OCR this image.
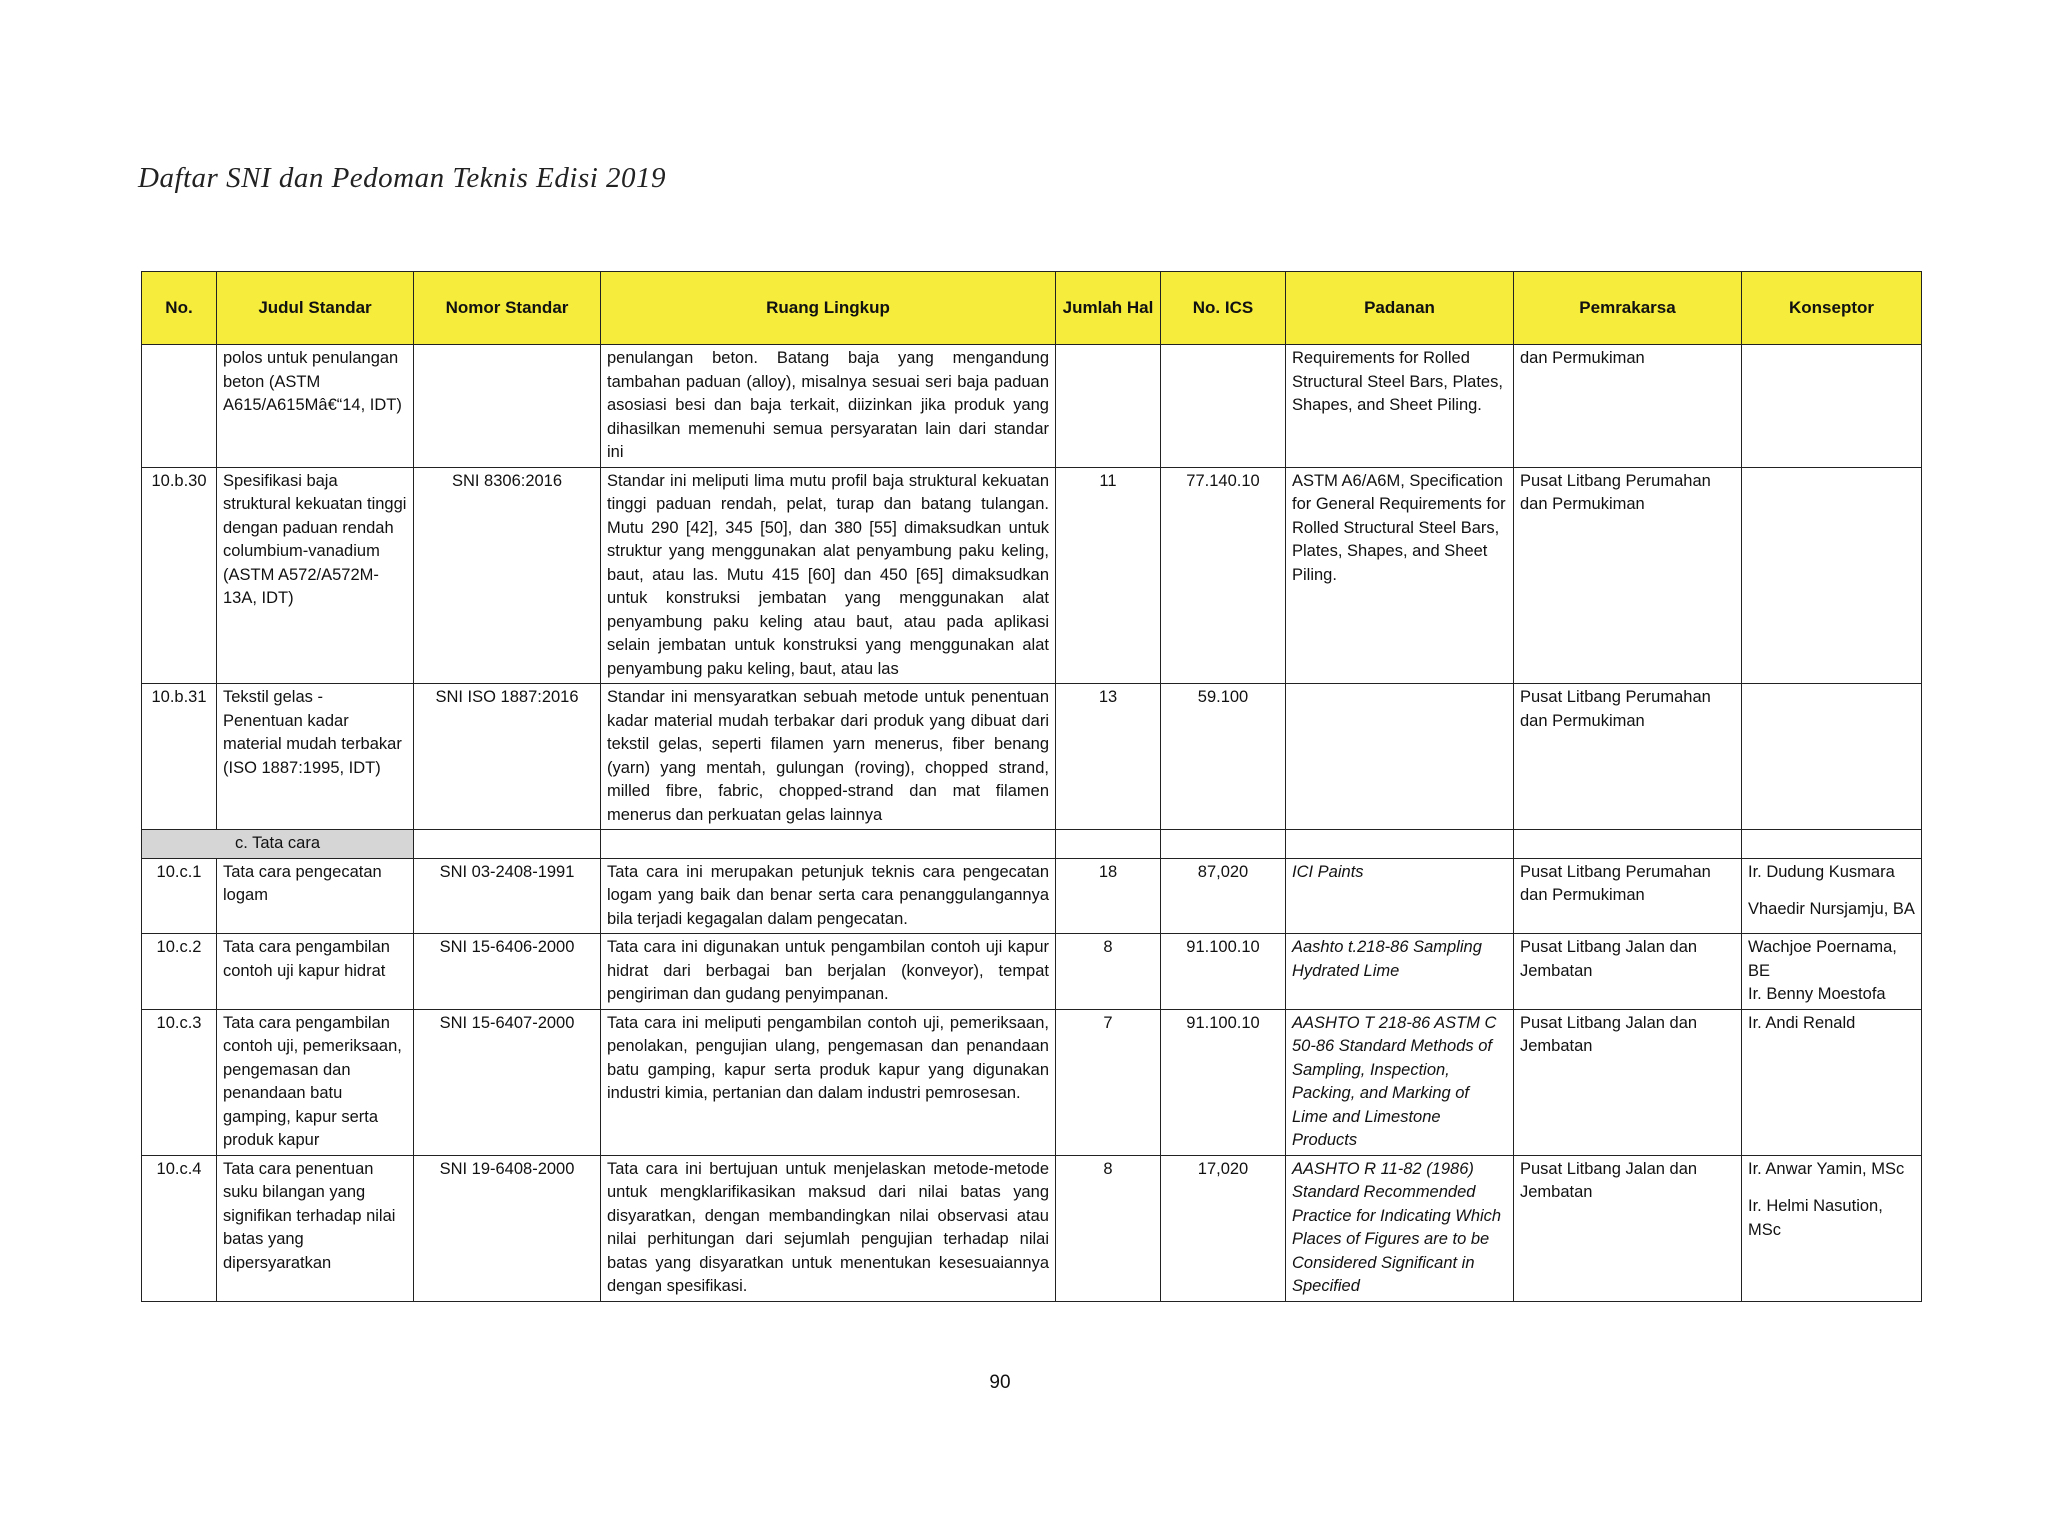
Daftar SNI dan Pedoman Teknis Edisi 2019
No.	Judul Standar	Nomor Standar	Ruang Lingkup	Jumlah Hal	No. ICS	Padanan	Pemrakarsa	Konseptor
	polos untuk penulangan beton (ASTM A615/A615Mâ€“14, IDT)		penulangan beton. Batang baja yang mengandung tambahan paduan (alloy), misalnya sesuai seri baja paduan asosiasi besi dan baja terkait, diizinkan jika produk yang dihasilkan memenuhi semua persyaratan lain dari standar ini			Requirements for Rolled Structural Steel Bars, Plates, Shapes, and Sheet Piling.	dan Permukiman	
10.b.30	Spesifikasi baja struktural kekuatan tinggi dengan paduan rendah columbium-vanadium (ASTM A572/A572M-13A, IDT)	SNI 8306:2016	Standar ini meliputi lima mutu profil baja struktural kekuatan tinggi paduan rendah, pelat, turap dan batang tulangan. Mutu 290 [42], 345 [50], dan 380 [55] dimaksudkan untuk struktur yang menggunakan alat penyambung paku keling, baut, atau las. Mutu 415 [60] dan 450 [65] dimaksudkan untuk konstruksi jembatan yang menggunakan alat penyambung paku keling atau baut, atau pada aplikasi selain jembatan untuk konstruksi yang menggunakan alat penyambung paku keling, baut, atau las	11	77.140.10	ASTM A6/A6M, Specification for General Requirements for Rolled Structural Steel Bars, Plates, Shapes, and Sheet Piling.	Pusat Litbang Perumahan dan Permukiman	
10.b.31	Tekstil gelas - Penentuan kadar material mudah terbakar (ISO 1887:1995, IDT)	SNI ISO 1887:2016	Standar ini mensyaratkan sebuah metode untuk penentuan kadar material mudah terbakar dari produk yang dibuat dari tekstil gelas, seperti filamen yarn menerus, fiber benang (yarn) yang mentah, gulungan (roving), chopped strand, milled fibre, fabric, chopped-strand dan mat filamen menerus dan perkuatan gelas lainnya	13	59.100		Pusat Litbang Perumahan dan Permukiman	
c. Tata cara								
10.c.1	Tata cara pengecatan logam	SNI 03-2408-1991	Tata cara ini merupakan petunjuk teknis cara pengecatan logam yang baik dan benar serta cara penanggulangannya bila terjadi kegagalan dalam pengecatan.	18	87,020	ICI Paints	Pusat Litbang Perumahan dan Permukiman	Ir. Dudung Kusmara
Vhaedir Nursjamju, BA

10.c.2	Tata cara pengambilan contoh uji kapur hidrat	SNI 15-6406-2000	Tata cara ini digunakan untuk pengambilan contoh uji kapur hidrat dari berbagai ban berjalan (konveyor), tempat pengiriman dan gudang penyimpanan.	8	91.100.10	Aashto t.218-86 Sampling Hydrated Lime	Pusat Litbang Jalan dan Jembatan	Wachjoe Poernama, BE
Ir. Benny Moestofa

10.c.3	Tata cara pengambilan contoh uji, pemeriksaan, pengemasan dan penandaan batu gamping, kapur serta produk kapur	SNI 15-6407-2000	Tata cara ini meliputi pengambilan contoh uji, pemeriksaan, penolakan, pengujian ulang, pengemasan dan penandaan batu gamping, kapur serta produk kapur yang digunakan industri kimia, pertanian dan dalam industri pemrosesan.	7	91.100.10	AASHTO T 218-86 ASTM C 50-86 Standard Methods of Sampling, Inspection, Packing, and Marking of Lime and Limestone Products	Pusat Litbang Jalan dan Jembatan	Ir. Andi Renald

10.c.4	Tata cara penentuan suku bilangan yang signifikan terhadap nilai batas yang dipersyaratkan	SNI 19-6408-2000	Tata cara ini bertujuan untuk menjelaskan metode-metode untuk mengklarifikasikan maksud dari nilai batas yang disyaratkan, dengan membandingkan nilai observasi atau nilai perhitungan dari sejumlah pengujian terhadap nilai batas yang disyaratkan untuk menentukan kesesuaiannya dengan spesifikasi.	8	17,020	AASHTO R 11-82 (1986) Standard Recommended Practice for Indicating Which Places of Figures are to be Considered Significant in Specified	Pusat Litbang Jalan dan Jembatan	Ir. Anwar Yamin, MSc
Ir. Helmi Nasution, MSc
90
